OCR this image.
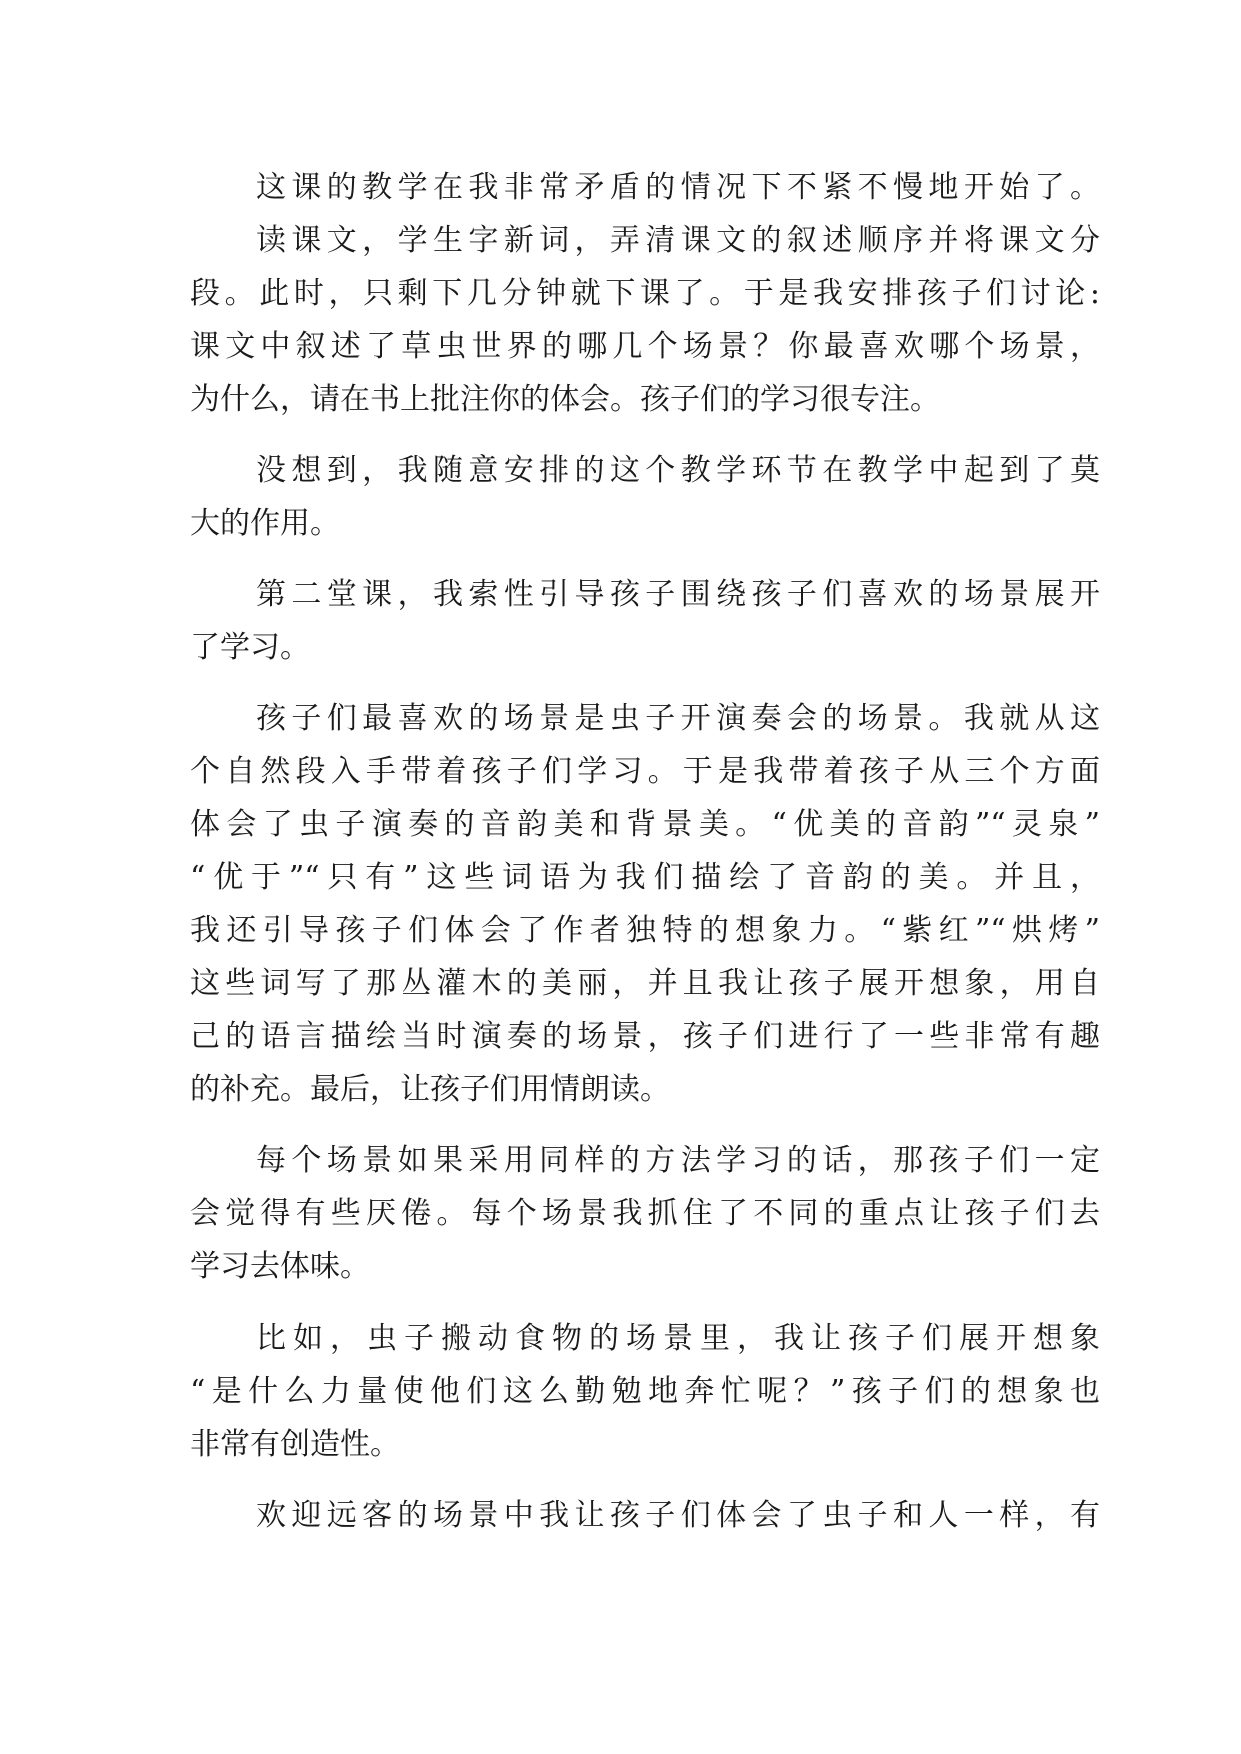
这课的教学在我非常矛盾的情况下不紧不慢地开始了。
读课文，学生字新词，弄清课文的叙述顺序并将课文分
段。此时，只剩下几分钟就下课了。于是我安排孩子们讨论:
课文中叙述了草虫世界的哪几个场景？你最喜欢哪个场景，
为什么，请在书上批注你的体会。孩子们的学习很专注。
没想到，我随意安排的这个教学环节在教学中起到了莫
大的作用。
第二堂课，我索性引导孩子围绕孩子们喜欢的场景展开
了学习。
孩子们最喜欢的场景是虫子开演奏会的场景。我就从这
个自然段入手带着孩子们学习。于是我带着孩子从三个方面
体会了虫子演奏的音韵美和背景美。“优美的音韵”“灵泉”
“优于”“只有”这些词语为我们描绘了音韵的美。并且，
我还引导孩子们体会了作者独特的想象力。“紫红”“烘烤”
这些词写了那丛灌木的美丽，并且我让孩子展开想象，用自
己的语言描绘当时演奏的场景，孩子们进行了一些非常有趣
的补充。最后，让孩子们用情朗读。
每个场景如果采用同样的方法学习的话，那孩子们一定
会觉得有些厌倦。每个场景我抓住了不同的重点让孩子们去
学习去体味。
比如，虫子搬动食物的场景里，我让孩子们展开想象
“是什么力量使他们这么勤勉地奔忙呢？”孩子们的想象也
非常有创造性。
欢迎远客的场景中我让孩子们体会了虫子和人一样，有
